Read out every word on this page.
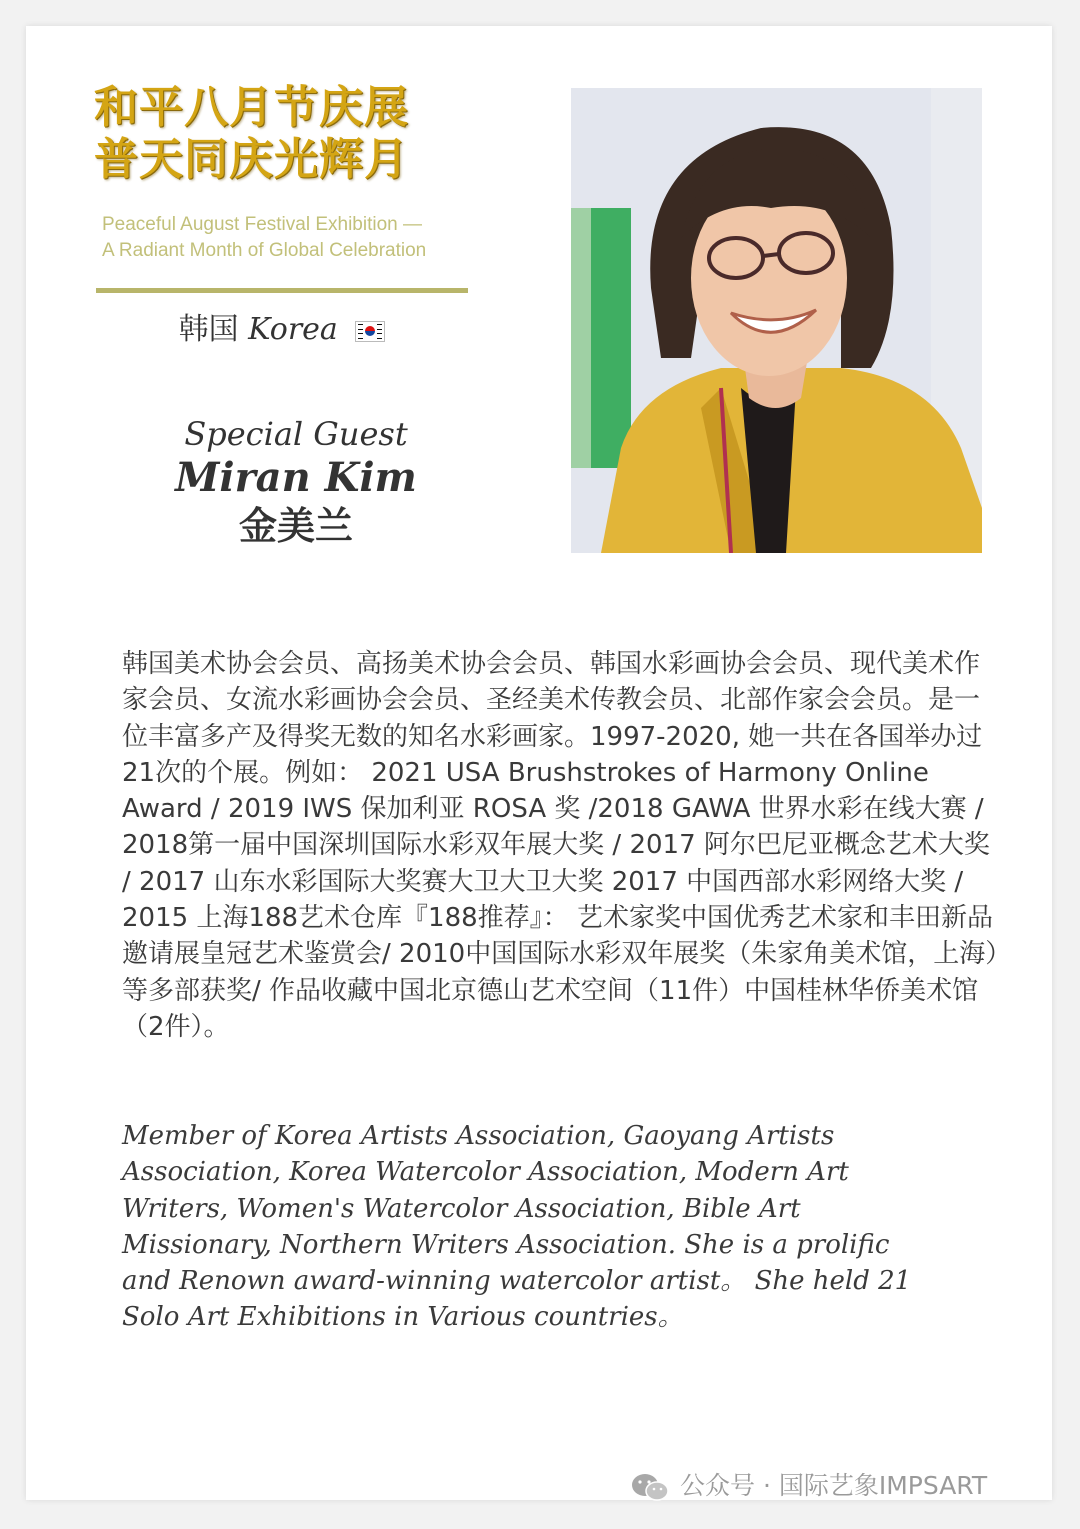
和平八月节庆展
普天同庆光辉月
Peaceful August Festival Exhibition —
A Radiant Month of Global Celebration
韩国 Korea
Special Guest
Miran Kim
金美兰

韩国美术协会会员、高扬美术协会会员、韩国水彩画协会会员、现代美术作家会员、女流水彩画协会会员、圣经美术传教会员、北部作家会会员。是一位丰富多产及得奖无数的知名水彩画家。1997-2020, 她一共在各国举办过21次的个展。例如： 2021 USA Brushstrokes of Harmony Online Award / 2019 IWS 保加利亚 ROSA 奖 /2018 GAWA 世界水彩在线大赛 / 2018第一届中国深圳国际水彩双年展大奖 / 2017 阿尔巴尼亚概念艺术大奖 / 2017 山东水彩国际大奖赛大卫大卫大奖 2017 中国西部水彩网络大奖 / 2015 上海188艺术仓库『188推荐』： 艺术家奖中国优秀艺术家和丰田新品邀请展皇冠艺术鉴赏会/ 2010中国国际水彩双年展奖（朱家角美术馆，上海）等多部获奖/ 作品收藏中国北京德山艺术空间（11件）中国桂林华侨美术馆（2件）。

Member of Korea Artists Association, Gaoyang Artists Association, Korea Watercolor Association, Modern Art Writers, Women's Watercolor Association, Bible Art Missionary, Northern Writers Association. She is a prolific and Renown award-winning watercolor artist。 She held 21 Solo Art Exhibitions in Various countries。

公众号 · 国际艺象IMPSART
